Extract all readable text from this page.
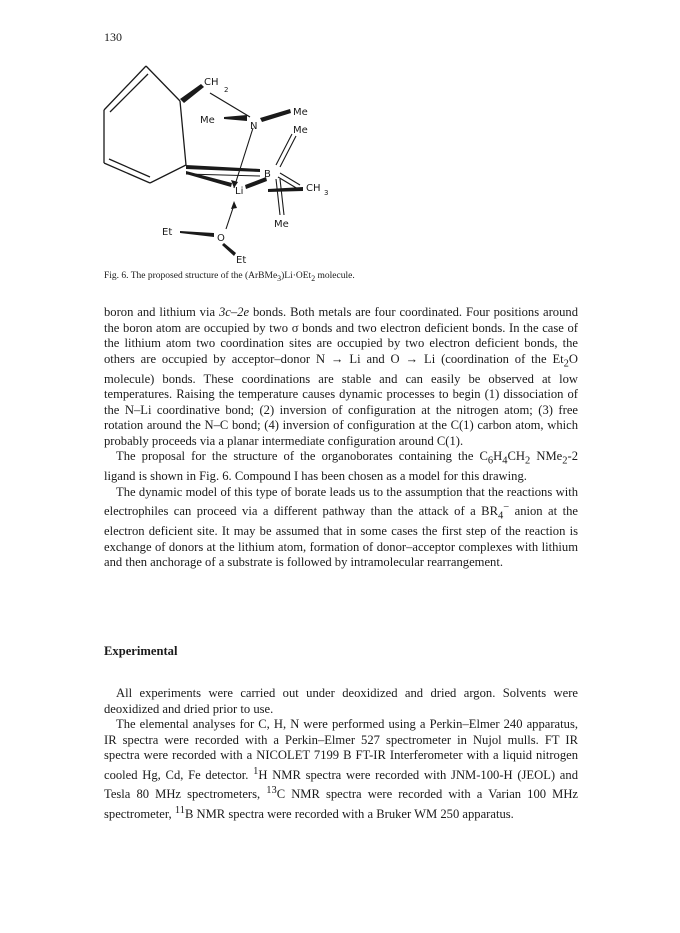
130
CH
2
Me
N
Me
Me
B
Li	CH 3
Me
Et
O
Et
Fig. 6. The proposed structure of the (ArBMe$_3$)Li·OEt$_2$ molecule.

boron and lithium via 3c–2e bonds. Both metals are four coordinated. Four positions around the boron atom are occupied by two σ bonds and two electron deficient bonds. In the case of the lithium atom two coordination sites are occupied by two electron deficient bonds, the others are occupied by acceptor–donor N → Li and O → Li (coordination of the $Et_2O$ molecule) bonds. These coordinations are stable and can easily be observed at low temperatures. Raising the temperature causes dynamic processes to begin (1) dissociation of the N–Li coordinative bond; (2) inversion of configuration at the nitrogen atom; (3) free rotation around the N–C bond; (4) inversion of configuration at the C(1) carbon atom, which probably proceeds via a planar intermediate configuration around C(1).

The proposal for the structure of the organoborates containing the $C_6H_4CH_2$ NMe$_2$-2 ligand is shown in Fig. 6. Compound I has been chosen as a model for this drawing.

The dynamic model of this type of borate leads us to the assumption that the reactions with electrophiles can proceed via a different pathway than the attack of a $BR_4^-$ anion at the electron deficient site. It may be assumed that in some cases the first step of the reaction is exchange of donors at the lithium atom, formation of donor–acceptor complexes with lithium and then anchorage of a substrate is followed by intramolecular rearrangement.

Experimental

All experiments were carried out under deoxidized and dried argon. Solvents were deoxidized and dried prior to use.

The elemental analyses for C, H, N were performed using a Perkin–Elmer 240 apparatus, IR spectra were recorded with a Perkin–Elmer 527 spectrometer in Nujol mulls. FT IR spectra were recorded with a NICOLET 7199 B FT-IR Interferometer with a liquid nitrogen cooled Hg, Cd, Fe detector. $^1$H NMR spectra were recorded with JNM-100-H (JEOL) and Tesla 80 MHz spectrometers, $^{13}$C NMR spectra were recorded with a Varian 100 MHz spectrometer, $^{11}$B NMR spectra were recorded with a Bruker WM 250 apparatus.
